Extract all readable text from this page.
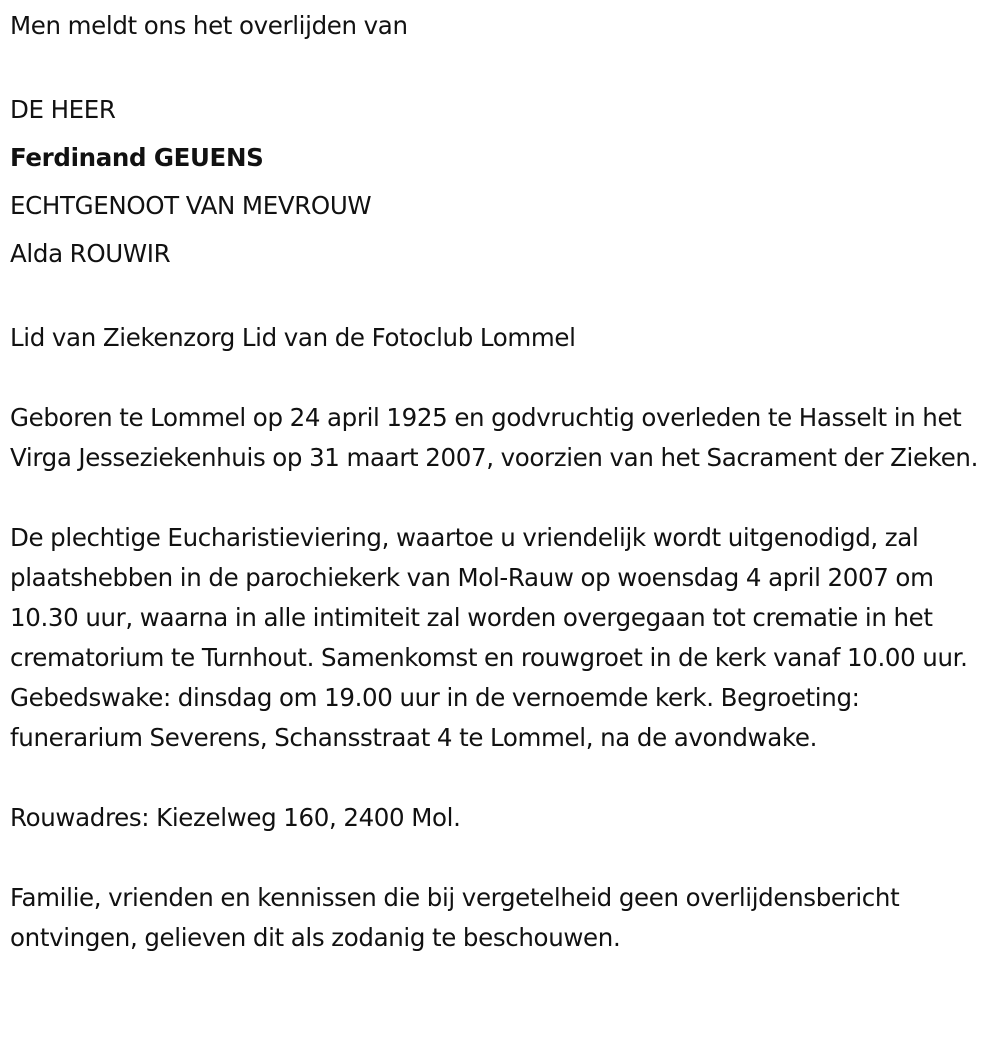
Men meldt ons het overlijden van

DE HEER

Ferdinand GEUENS

ECHTGENOOT VAN MEVROUW

Alda ROUWIR

Lid van Ziekenzorg Lid van de Fotoclub Lommel

Geboren te Lommel op 24 april 1925 en godvruchtig overleden te Hasselt in het Virga Jesseziekenhuis op 31 maart 2007, voorzien van het Sacrament der Zieken.

De plechtige Eucharistieviering, waartoe u vriendelijk wordt uitgenodigd, zal plaatshebben in de parochiekerk van Mol-Rauw op woensdag 4 april 2007 om 10.30 uur, waarna in alle intimiteit zal worden overgegaan tot crematie in het crematorium te Turnhout. Samenkomst en rouwgroet in de kerk vanaf 10.00 uur. Gebedswake: dinsdag om 19.00 uur in de vernoemde kerk. Begroeting: funerarium Severens, Schansstraat 4 te Lommel, na de avondwake.

Rouwadres: Kiezelweg 160, 2400 Mol.

Familie, vrienden en kennissen die bij vergetelheid geen overlijdensbericht ontvingen, gelieven dit als zodanig te beschouwen.
